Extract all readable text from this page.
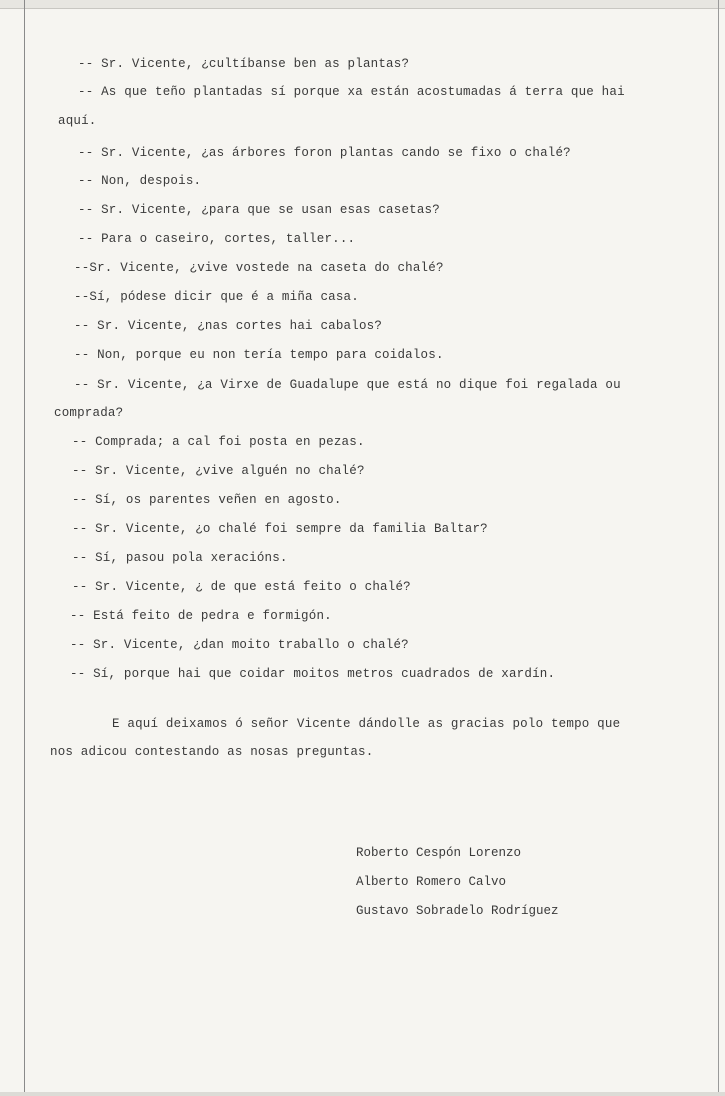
-- Sr. Vicente, ¿cultíbanse ben as plantas?
-- As que teño plantadas sí porque xa están acostumadas á terra que hai
aquí.
-- Sr. Vicente, ¿as árbores foron plantas cando se fixo o chalé?
-- Non, despois.
-- Sr. Vicente, ¿para que se usan esas casetas?
-- Para o caseiro, cortes, taller...
--Sr. Vicente, ¿vive vostede na caseta do chalé?
--Sí, pódese dicir que é a miña casa.
-- Sr. Vicente, ¿nas cortes hai cabalos?
-- Non, porque eu non tería tempo para coidalos.
-- Sr. Vicente, ¿a Virxe de Guadalupe que está no dique foi regalada ou
comprada?
-- Comprada; a cal foi posta en pezas.
-- Sr. Vicente, ¿vive alguén no chalé?
-- Sí, os parentes veñen en agosto.
-- Sr. Vicente, ¿o chalé foi sempre da familia Baltar?
-- Sí, pasou pola xeracións.
-- Sr. Vicente, ¿ de que está feito o chalé?
-- Está feito de pedra e formigón.
-- Sr. Vicente, ¿dan moito traballo o chalé?
-- Sí, porque hai que coidar moitos metros cuadrados de xardín.
E aquí deixamos ó señor Vicente dándolle as gracias polo tempo que
nos adicou contestando as nosas preguntas.
Roberto Cespón Lorenzo
Alberto Romero Calvo
Gustavo Sobradelo Rodríguez
